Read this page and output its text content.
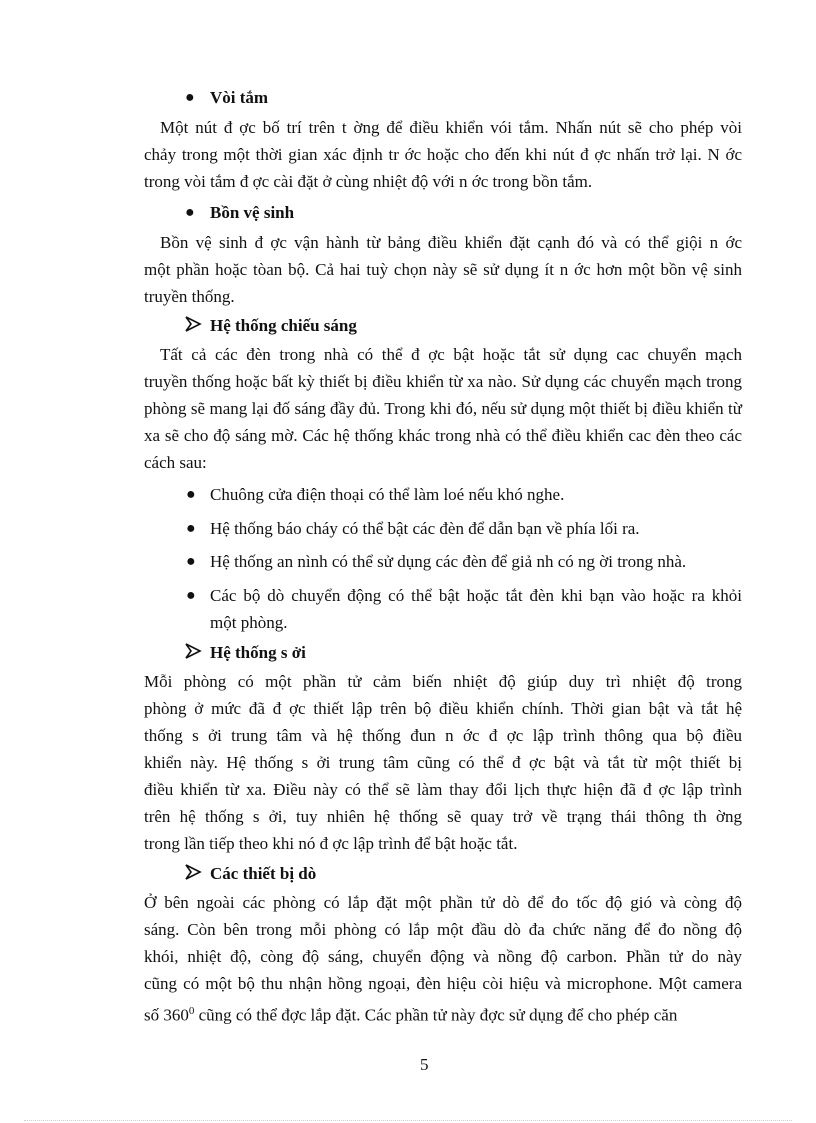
● Vòi tắm
Một nút đ ợc bố trí trên t ờng để điều khiển vói tắm. Nhấn nút sẽ cho phép vòi
chảy trong một thời gian xác định tr ớc hoặc cho đến khi nút đ ợc nhấn trở lại. N ớc
trong vòi tắm đ ợc cài đặt ở cùng nhiệt độ với n ớc trong bồn tắm.
● Bồn vệ sinh
Bồn vệ sinh đ ợc vận hành từ bảng điều khiển đặt cạnh đó và có thể giội n ớc
một phần hoặc tòan bộ. Cả hai tuỳ chọn này sẽ sử dụng ít n ớc hơn một bồn vệ sinh
truyền thống.
Hệ thống chiếu sáng
Tất cả các đèn trong nhà có thể đ ợc bật hoặc tắt sử dụng cac chuyển mạch
truyền thống hoặc bất kỳ thiết bị điều khiển từ xa nào. Sử dụng các chuyển mạch trong
phòng sẽ mang lại đố sáng đầy đủ. Trong khi đó, nếu sử dụng một thiết bị điều khiển từ
xa sẽ cho độ sáng mờ. Các hệ thống khác trong nhà có thể điều khiển cac đèn theo các
cách sau:
● Chuông cửa điện thoại có thể làm loé nếu khó nghe.
● Hệ thống báo cháy có thể bật các đèn để dẫn bạn về phía lối ra.
● Hệ thống an nình có thể sử dụng các đèn để giả nh có ng ời trong nhà.
● Các bộ dò chuyển động có thể bật hoặc tắt đèn khi bạn vào hoặc ra khỏi
một phòng.
Hệ thống s ởi
Mỗi phòng có một phần tử cảm biến nhiệt độ giúp duy trì nhiệt độ trong
phòng ở mức đã đ ợc thiết lập trên bộ điều khiển chính. Thời gian bật và tắt hệ
thống s ởi trung tâm và hệ thống đun n ớc đ ợc lập trình thông qua bộ điều
khiển này. Hệ thống s ởi trung tâm cũng có thể đ ợc bật và tắt từ một thiết bị
điều khiển từ xa. Điều này có thể sẽ làm thay đổi lịch thực hiện đã đ ợc lập trình
trên hệ thống s ởi, tuy nhiên hệ thống sẽ quay trở về trạng thái thông th ờng
trong lần tiếp theo khi nó đ ợc lập trình để bật hoặc tắt.
Các thiết bị dò
Ở bên ngoài các phòng có lắp đặt một phần tử dò để đo tốc độ gió và còng độ
sáng. Còn bên trong mỗi phòng có lắp một đầu dò đa chức năng để đo nồng độ
khói, nhiệt độ, còng độ sáng, chuyển động và nồng độ carbon. Phần tử do này
cũng có một bộ thu nhận hồng ngoại, đèn hiệu còi hiệu và microphone. Một camera
số $360^0$ cũng có thể đợc lắp đặt. Các phần tử này đợc sử dụng để cho phép căn
5
